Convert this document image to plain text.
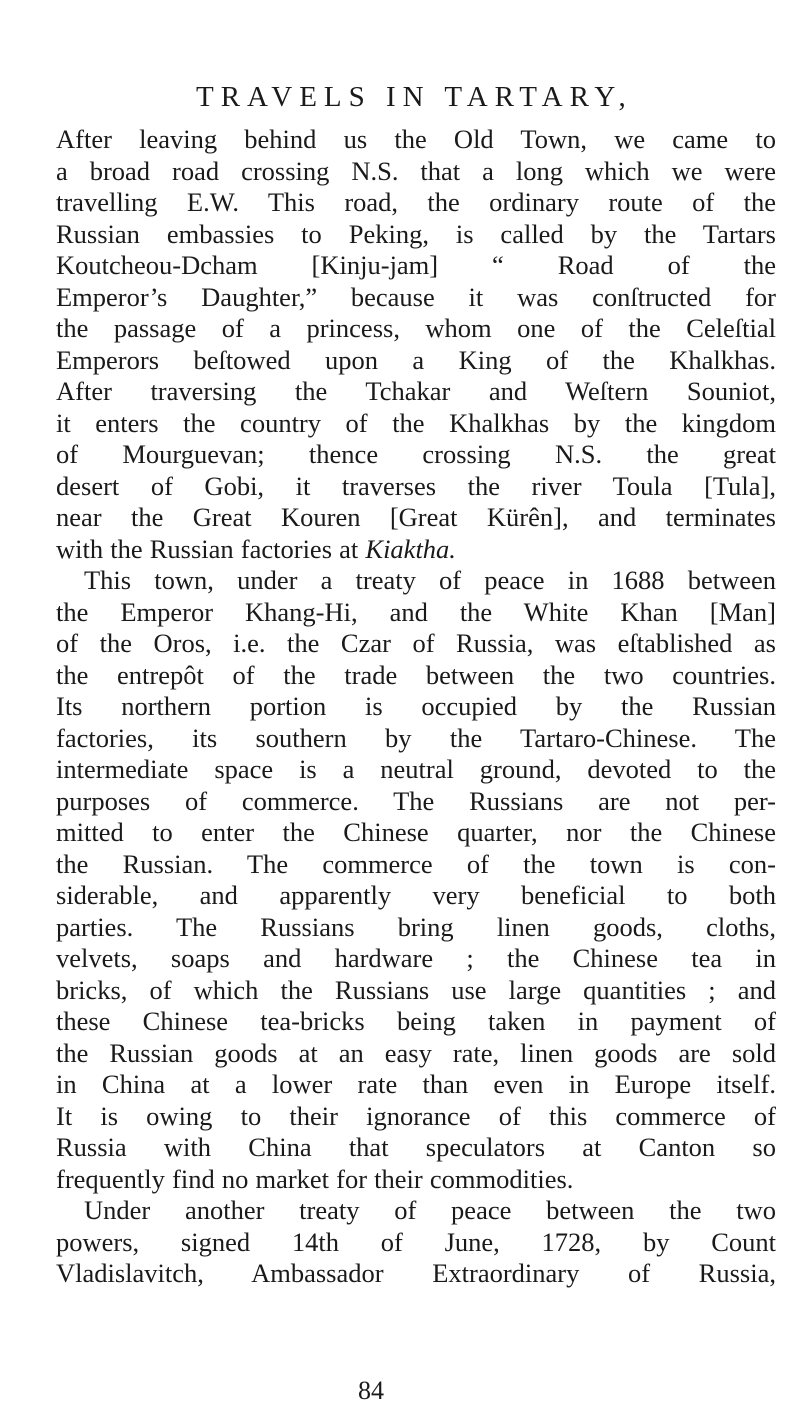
TRAVELS IN TARTARY,
After leaving behind us the Old Town, we came to
a broad road crossing N.S. that a long which we were
travelling E.W. This road, the ordinary route of the
Russian embassies to Peking, is called by the Tartars
Koutcheou-Dcham [Kinju-jam] “ Road of the
Emperor’s Daughter,” because it was conſtructed for
the passage of a princess, whom one of the Celeſtial
Emperors beſtowed upon a King of the Khalkhas.
After traversing the Tchakar and Weſtern Souniot,
it enters the country of the Khalkhas by the kingdom
of Mourguevan; thence crossing N.S. the great
desert of Gobi, it traverses the river Toula [Tula],
near the Great Kouren [Great Kürên], and terminates
with the Russian factories at Kiaktha.
This town, under a treaty of peace in 1688 between
the Emperor Khang-Hi, and the White Khan [Man]
of the Oros, i.e. the Czar of Russia, was eſtablished as
the entrepôt of the trade between the two countries.
Its northern portion is occupied by the Russian
factories, its southern by the Tartaro-Chinese. The
intermediate space is a neutral ground, devoted to the
purposes of commerce. The Russians are not per-
mitted to enter the Chinese quarter, nor the Chinese
the Russian. The commerce of the town is con-
siderable, and apparently very beneficial to both
parties. The Russians bring linen goods, cloths,
velvets, soaps and hardware ; the Chinese tea in
bricks, of which the Russians use large quantities ; and
these Chinese tea-bricks being taken in payment of
the Russian goods at an easy rate, linen goods are sold
in China at a lower rate than even in Europe itself.
It is owing to their ignorance of this commerce of
Russia with China that speculators at Canton so
frequently find no market for their commodities.
Under another treaty of peace between the two
powers, signed 14th of June, 1728, by Count
Vladislavitch, Ambassador Extraordinary of Russia,
84
